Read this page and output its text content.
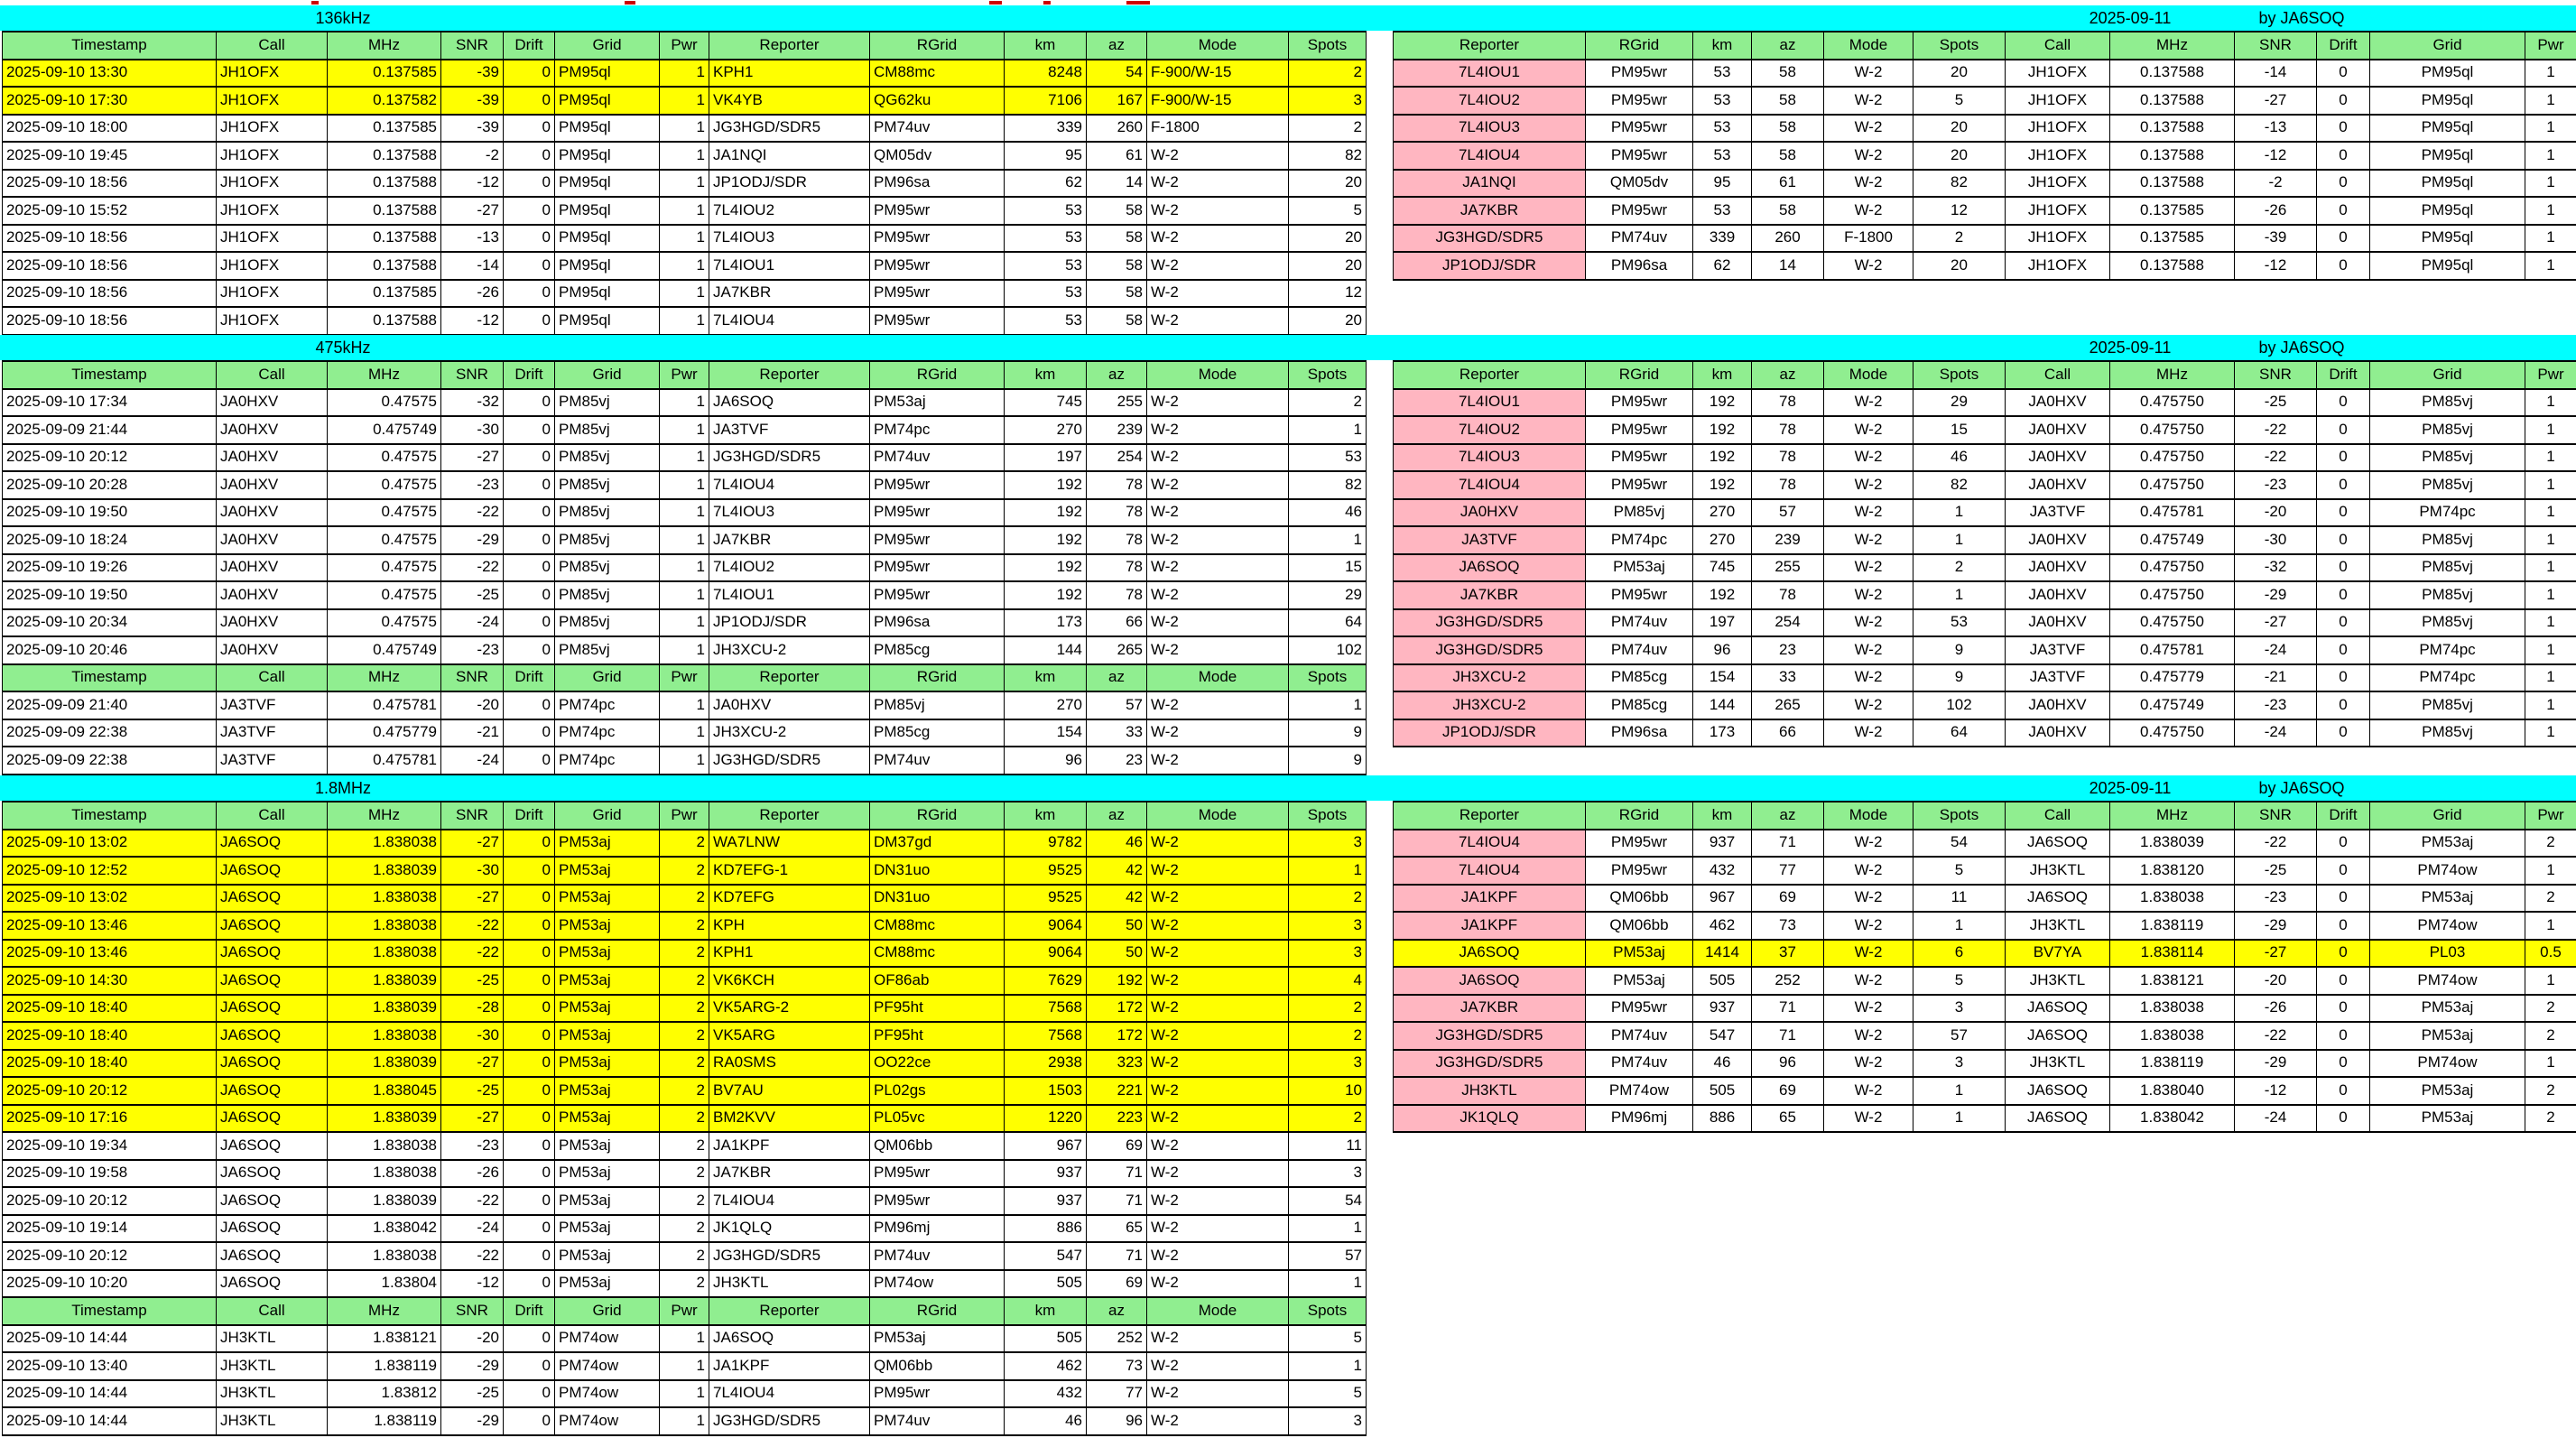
136kHz	2025-09-11	by JA6SOQ
Timestamp	Call	MHz	SNR	Drift	Grid	Pwr	Reporter	RGrid	km	az	Mode	Spots
2025-09-10 13:30	JH1OFX	0.137585	-39	0	PM95ql	1	KPH1	CM88mc	8248	54	F-900/W-15	2
2025-09-10 17:30	JH1OFX	0.137582	-39	0	PM95ql	1	VK4YB	QG62ku	7106	167	F-900/W-15	3
2025-09-10 18:00	JH1OFX	0.137585	-39	0	PM95ql	1	JG3HGD/SDR5	PM74uv	339	260	F-1800	2
2025-09-10 19:45	JH1OFX	0.137588	-2	0	PM95ql	1	JA1NQI	QM05dv	95	61	W-2	82
2025-09-10 18:56	JH1OFX	0.137588	-12	0	PM95ql	1	JP1ODJ/SDR	PM96sa	62	14	W-2	20
2025-09-10 15:52	JH1OFX	0.137588	-27	0	PM95ql	1	7L4IOU2	PM95wr	53	58	W-2	5
2025-09-10 18:56	JH1OFX	0.137588	-13	0	PM95ql	1	7L4IOU3	PM95wr	53	58	W-2	20
2025-09-10 18:56	JH1OFX	0.137588	-14	0	PM95ql	1	7L4IOU1	PM95wr	53	58	W-2	20
2025-09-10 18:56	JH1OFX	0.137585	-26	0	PM95ql	1	JA7KBR	PM95wr	53	58	W-2	12
2025-09-10 18:56	JH1OFX	0.137588	-12	0	PM95ql	1	7L4IOU4	PM95wr	53	58	W-2	20
Reporter	RGrid	km	az	Mode	Spots	Call	MHz	SNR	Drift	Grid	Pwr
7L4IOU1	PM95wr	53	58	W-2	20	JH1OFX	0.137588	-14	0	PM95ql	1
7L4IOU2	PM95wr	53	58	W-2	5	JH1OFX	0.137588	-27	0	PM95ql	1
7L4IOU3	PM95wr	53	58	W-2	20	JH1OFX	0.137588	-13	0	PM95ql	1
7L4IOU4	PM95wr	53	58	W-2	20	JH1OFX	0.137588	-12	0	PM95ql	1
JA1NQI	QM05dv	95	61	W-2	82	JH1OFX	0.137588	-2	0	PM95ql	1
JA7KBR	PM95wr	53	58	W-2	12	JH1OFX	0.137585	-26	0	PM95ql	1
JG3HGD/SDR5	PM74uv	339	260	F-1800	2	JH1OFX	0.137585	-39	0	PM95ql	1
JP1ODJ/SDR	PM96sa	62	14	W-2	20	JH1OFX	0.137588	-12	0	PM95ql	1
475kHz	2025-09-11	by JA6SOQ
Timestamp	Call	MHz	SNR	Drift	Grid	Pwr	Reporter	RGrid	km	az	Mode	Spots
2025-09-10 17:34	JA0HXV	0.47575	-32	0	PM85vj	1	JA6SOQ	PM53aj	745	255	W-2	2
2025-09-09 21:44	JA0HXV	0.475749	-30	0	PM85vj	1	JA3TVF	PM74pc	270	239	W-2	1
2025-09-10 20:12	JA0HXV	0.47575	-27	0	PM85vj	1	JG3HGD/SDR5	PM74uv	197	254	W-2	53
2025-09-10 20:28	JA0HXV	0.47575	-23	0	PM85vj	1	7L4IOU4	PM95wr	192	78	W-2	82
2025-09-10 19:50	JA0HXV	0.47575	-22	0	PM85vj	1	7L4IOU3	PM95wr	192	78	W-2	46
2025-09-10 18:24	JA0HXV	0.47575	-29	0	PM85vj	1	JA7KBR	PM95wr	192	78	W-2	1
2025-09-10 19:26	JA0HXV	0.47575	-22	0	PM85vj	1	7L4IOU2	PM95wr	192	78	W-2	15
2025-09-10 19:50	JA0HXV	0.47575	-25	0	PM85vj	1	7L4IOU1	PM95wr	192	78	W-2	29
2025-09-10 20:34	JA0HXV	0.47575	-24	0	PM85vj	1	JP1ODJ/SDR	PM96sa	173	66	W-2	64
2025-09-10 20:46	JA0HXV	0.475749	-23	0	PM85vj	1	JH3XCU-2	PM85cg	144	265	W-2	102
Timestamp	Call	MHz	SNR	Drift	Grid	Pwr	Reporter	RGrid	km	az	Mode	Spots
2025-09-09 21:40	JA3TVF	0.475781	-20	0	PM74pc	1	JA0HXV	PM85vj	270	57	W-2	1
2025-09-09 22:38	JA3TVF	0.475779	-21	0	PM74pc	1	JH3XCU-2	PM85cg	154	33	W-2	9
2025-09-09 22:38	JA3TVF	0.475781	-24	0	PM74pc	1	JG3HGD/SDR5	PM74uv	96	23	W-2	9
Reporter	RGrid	km	az	Mode	Spots	Call	MHz	SNR	Drift	Grid	Pwr
7L4IOU1	PM95wr	192	78	W-2	29	JA0HXV	0.475750	-25	0	PM85vj	1
7L4IOU2	PM95wr	192	78	W-2	15	JA0HXV	0.475750	-22	0	PM85vj	1
7L4IOU3	PM95wr	192	78	W-2	46	JA0HXV	0.475750	-22	0	PM85vj	1
7L4IOU4	PM95wr	192	78	W-2	82	JA0HXV	0.475750	-23	0	PM85vj	1
JA0HXV	PM85vj	270	57	W-2	1	JA3TVF	0.475781	-20	0	PM74pc	1
JA3TVF	PM74pc	270	239	W-2	1	JA0HXV	0.475749	-30	0	PM85vj	1
JA6SOQ	PM53aj	745	255	W-2	2	JA0HXV	0.475750	-32	0	PM85vj	1
JA7KBR	PM95wr	192	78	W-2	1	JA0HXV	0.475750	-29	0	PM85vj	1
JG3HGD/SDR5	PM74uv	197	254	W-2	53	JA0HXV	0.475750	-27	0	PM85vj	1
JG3HGD/SDR5	PM74uv	96	23	W-2	9	JA3TVF	0.475781	-24	0	PM74pc	1
JH3XCU-2	PM85cg	154	33	W-2	9	JA3TVF	0.475779	-21	0	PM74pc	1
JH3XCU-2	PM85cg	144	265	W-2	102	JA0HXV	0.475749	-23	0	PM85vj	1
JP1ODJ/SDR	PM96sa	173	66	W-2	64	JA0HXV	0.475750	-24	0	PM85vj	1
1.8MHz	2025-09-11	by JA6SOQ
Timestamp	Call	MHz	SNR	Drift	Grid	Pwr	Reporter	RGrid	km	az	Mode	Spots
2025-09-10 13:02	JA6SOQ	1.838038	-27	0	PM53aj	2	WA7LNW	DM37gd	9782	46	W-2	3
2025-09-10 12:52	JA6SOQ	1.838039	-30	0	PM53aj	2	KD7EFG-1	DN31uo	9525	42	W-2	1
2025-09-10 13:02	JA6SOQ	1.838038	-27	0	PM53aj	2	KD7EFG	DN31uo	9525	42	W-2	2
2025-09-10 13:46	JA6SOQ	1.838038	-22	0	PM53aj	2	KPH	CM88mc	9064	50	W-2	3
2025-09-10 13:46	JA6SOQ	1.838038	-22	0	PM53aj	2	KPH1	CM88mc	9064	50	W-2	3
2025-09-10 14:30	JA6SOQ	1.838039	-25	0	PM53aj	2	VK6KCH	OF86ab	7629	192	W-2	4
2025-09-10 18:40	JA6SOQ	1.838039	-28	0	PM53aj	2	VK5ARG-2	PF95ht	7568	172	W-2	2
2025-09-10 18:40	JA6SOQ	1.838038	-30	0	PM53aj	2	VK5ARG	PF95ht	7568	172	W-2	2
2025-09-10 18:40	JA6SOQ	1.838039	-27	0	PM53aj	2	RA0SMS	OO22ce	2938	323	W-2	3
2025-09-10 20:12	JA6SOQ	1.838045	-25	0	PM53aj	2	BV7AU	PL02gs	1503	221	W-2	10
2025-09-10 17:16	JA6SOQ	1.838039	-27	0	PM53aj	2	BM2KVV	PL05vc	1220	223	W-2	2
2025-09-10 19:34	JA6SOQ	1.838038	-23	0	PM53aj	2	JA1KPF	QM06bb	967	69	W-2	11
2025-09-10 19:58	JA6SOQ	1.838038	-26	0	PM53aj	2	JA7KBR	PM95wr	937	71	W-2	3
2025-09-10 20:12	JA6SOQ	1.838039	-22	0	PM53aj	2	7L4IOU4	PM95wr	937	71	W-2	54
2025-09-10 19:14	JA6SOQ	1.838042	-24	0	PM53aj	2	JK1QLQ	PM96mj	886	65	W-2	1
2025-09-10 20:12	JA6SOQ	1.838038	-22	0	PM53aj	2	JG3HGD/SDR5	PM74uv	547	71	W-2	57
2025-09-10 10:20	JA6SOQ	1.83804	-12	0	PM53aj	2	JH3KTL	PM74ow	505	69	W-2	1
Timestamp	Call	MHz	SNR	Drift	Grid	Pwr	Reporter	RGrid	km	az	Mode	Spots
2025-09-10 14:44	JH3KTL	1.838121	-20	0	PM74ow	1	JA6SOQ	PM53aj	505	252	W-2	5
2025-09-10 13:40	JH3KTL	1.838119	-29	0	PM74ow	1	JA1KPF	QM06bb	462	73	W-2	1
2025-09-10 14:44	JH3KTL	1.83812	-25	0	PM74ow	1	7L4IOU4	PM95wr	432	77	W-2	5
2025-09-10 14:44	JH3KTL	1.838119	-29	0	PM74ow	1	JG3HGD/SDR5	PM74uv	46	96	W-2	3
Reporter	RGrid	km	az	Mode	Spots	Call	MHz	SNR	Drift	Grid	Pwr
7L4IOU4	PM95wr	937	71	W-2	54	JA6SOQ	1.838039	-22	0	PM53aj	2
7L4IOU4	PM95wr	432	77	W-2	5	JH3KTL	1.838120	-25	0	PM74ow	1
JA1KPF	QM06bb	967	69	W-2	11	JA6SOQ	1.838038	-23	0	PM53aj	2
JA1KPF	QM06bb	462	73	W-2	1	JH3KTL	1.838119	-29	0	PM74ow	1
JA6SOQ	PM53aj	1414	37	W-2	6	BV7YA	1.838114	-27	0	PL03	0.5
JA6SOQ	PM53aj	505	252	W-2	5	JH3KTL	1.838121	-20	0	PM74ow	1
JA7KBR	PM95wr	937	71	W-2	3	JA6SOQ	1.838038	-26	0	PM53aj	2
JG3HGD/SDR5	PM74uv	547	71	W-2	57	JA6SOQ	1.838038	-22	0	PM53aj	2
JG3HGD/SDR5	PM74uv	46	96	W-2	3	JH3KTL	1.838119	-29	0	PM74ow	1
JH3KTL	PM74ow	505	69	W-2	1	JA6SOQ	1.838040	-12	0	PM53aj	2
JK1QLQ	PM96mj	886	65	W-2	1	JA6SOQ	1.838042	-24	0	PM53aj	2
